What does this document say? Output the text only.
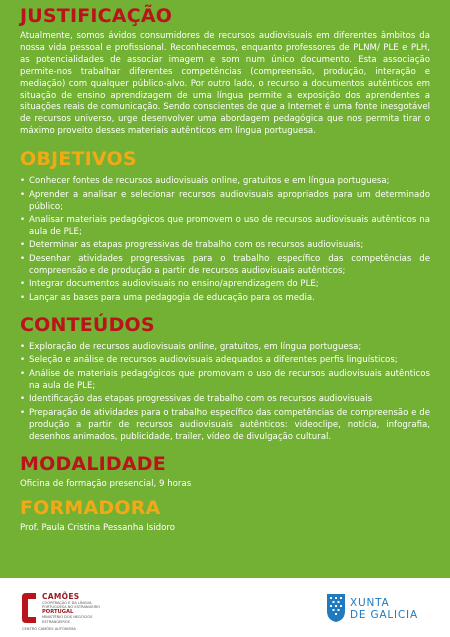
JUSTIFICAÇÃO

Atualmente, somos ávidos consumidores de recursos audiovisuais em diferentes âmbitos da nossa vida pessoal e profissional. Reconhecemos, enquanto professores de PLNM/ PLE e PLH, as potencialidades de associar imagem e som num único documento. Esta associação permite-nos trabalhar diferentes competências (compreensão, produção, interação e mediação) com qualquer público-alvo. Por outro lado, o recurso a documentos autênticos em situação de ensino aprendizagem de uma língua permite a exposição dos aprendentes a situações reais de comunicação. Sendo conscientes de que a Internet é uma fonte inesgotável de recursos universo, urge desenvolver uma abordagem pedagógica que nos permita tirar o máximo proveito desses materiais autênticos em língua portuguesa.

OBJETIVOS
• Conhecer fontes de recursos audiovisuais online, gratuitos e em língua portuguesa;
• Aprender a analisar e selecionar recursos audiovisuais apropriados para um determinado público;
• Analisar materiais pedagógicos que promovem o uso de recursos audiovisuais autênticos na aula de PLE;
• Determinar as etapas progressivas de trabalho com os recursos audiovisuais;
• Desenhar atividades progressivas para o trabalho específico das competências de compreensão e de produção a partir de recursos audiovisuais autênticos;
• Integrar documentos audiovisuais no ensino/aprendizagem do PLE;
• Lançar as bases para uma pedagogia de educação para os media.
CONTEÚDOS
• Exploração de recursos audiovisuais online, gratuitos, em língua portuguesa;
• Seleção e análise de recursos audiovisuais adequados a diferentes perfis linguísticos;
• Análise de materiais pedagógicos que promovam o uso de recursos audiovisuais autênticos na aula de PLE;
• Identificação das etapas progressivas de trabalho com os recursos audiovisuais
• Preparação de atividades para o trabalho específico das competências de compreensão e de produção a partir de recursos audiovisuais autênticos: videoclipe, notícia, infografia, desenhos animados, publicidade, trailer, vídeo de divulgação cultural.
MODALIDADE

Oficina de formação presencial, 9 horas

FORMADORA

Prof. Paula Cristina Pessanha Isidoro

CAMÕES
COOPERAÇÃO E DA LÍNGUA PORTUGUESA NO ESTRANGEIRO
PORTUGAL
MINISTÉRIO DOS NEGÓCIOS ESTRANGEIROS
CENTRO CAMÕES AUTÓNOMA
XUNTA
DE GALICIA
